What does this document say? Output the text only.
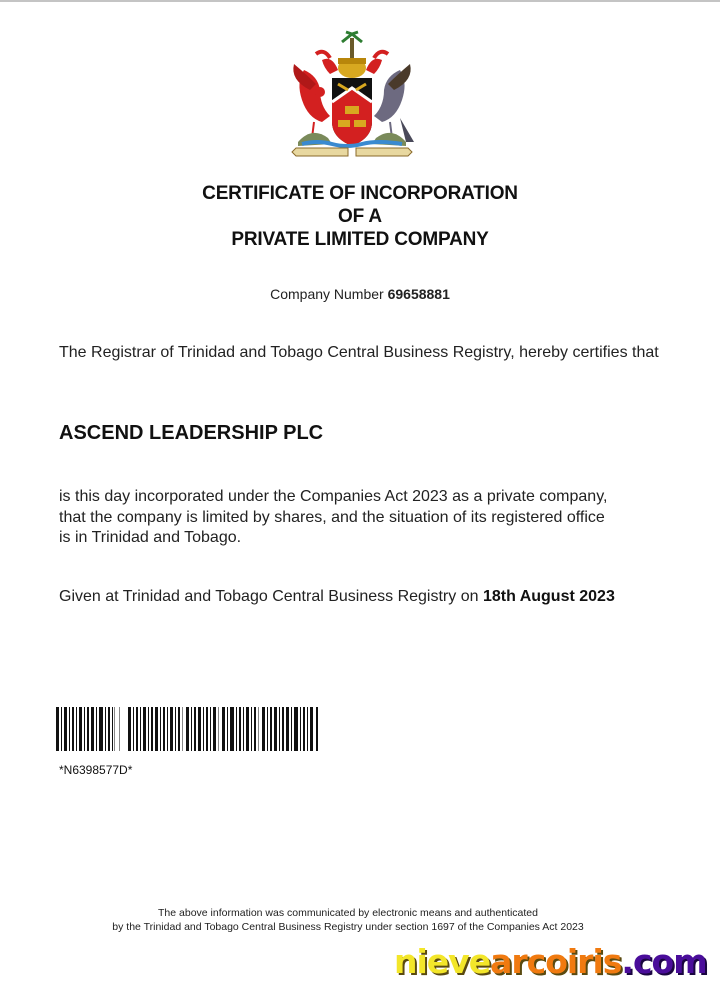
CERTIFICATE OF INCORPORATION
OF A
PRIVATE LIMITED COMPANY
Company Number 69658881
The Registrar of Trinidad and Tobago Central Business Registry, hereby certifies that
ASCEND LEADERSHIP PLC
is this day incorporated under the Companies Act 2023 as a private company, that the company is limited by shares, and the situation of its registered office is in Trinidad and Tobago.
Given at Trinidad and Tobago Central Business Registry on 18th August 2023
*N6398577D*
The above information was communicated by electronic means and authenticated
by the Trinidad and Tobago Central Business Registry under section 1697 of the Companies Act 2023
nievearcoiris.com
